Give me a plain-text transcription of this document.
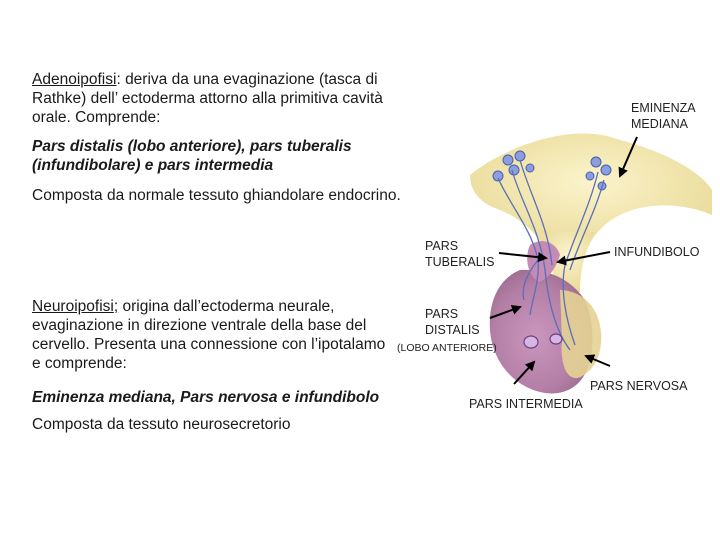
Adenoipofisi: deriva da una evaginazione (tasca di
Rathke) dell’ ectoderma attorno alla primitiva cavità
orale. Comprende:
Pars distalis (lobo anteriore), pars tuberalis
(infundibolare) e pars intermedia
Composta da normale tessuto ghiandolare endocrino.
Neuroipofisi; origina dall’ectoderma neurale,
evaginazione in direzione ventrale della base del
cervello. Presenta una connessione con l’ipotalamo
e comprende:
Eminenza mediana, Pars nervosa e infundibolo
Composta da tessuto neurosecretorio
EMINENZA
MEDIANA
PARS
TUBERALIS
INFUNDIBOLO
PARS
DISTALIS
(LOBO ANTERIORE)
PARS NERVOSA
PARS INTERMEDIA
